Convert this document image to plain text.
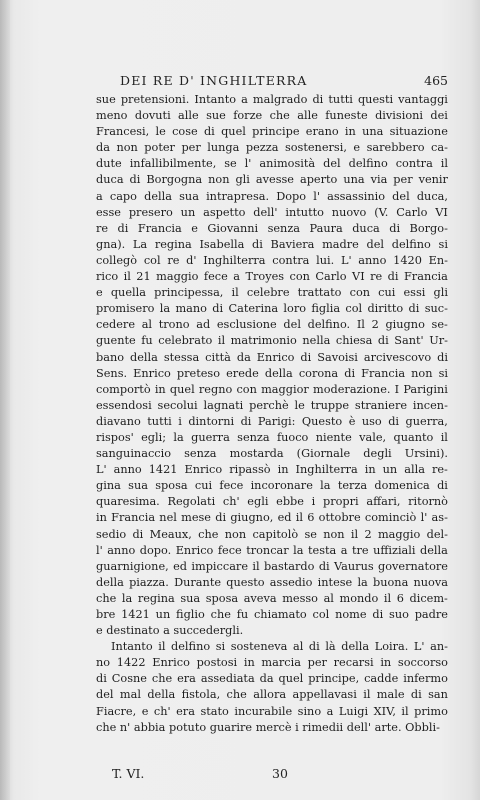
DEI RE D' INGHILTERRA	465
sue pretensioni. Intanto a malgrado di tutti questi vantaggi
meno dovuti alle sue forze che alle funeste divisioni dei
Francesi, le cose di quel principe erano in una situazione
da non poter per lunga pezza sostenersi, e sarebbero ca-
dute infallibilmente, se l' animosità del delfino contra il
duca di Borgogna non gli avesse aperto una via per venir
a capo della sua intrapresa. Dopo l' assassinio del duca,
esse presero un aspetto dell' intutto nuovo (V. Carlo VI
re di Francia e Giovanni senza Paura duca di Borgo-
gna). La regina Isabella di Baviera madre del delfino si
collegò col re d' Inghilterra contra lui. L' anno 1420 En-
rico il 21 maggio fece a Troyes con Carlo VI re di Francia
e quella principessa, il celebre trattato con cui essi gli
promisero la mano di Caterina loro figlia col diritto di suc-
cedere al trono ad esclusione del delfino. Il 2 giugno se-
guente fu celebrato il matrimonio nella chiesa di Sant' Ur-
bano della stessa città da Enrico di Savoisi arcivescovo di
Sens. Enrico preteso erede della corona di Francia non si
comportò in quel regno con maggior moderazione. I Parigini
essendosi secolui lagnati perchè le truppe straniere incen-
diavano tutti i dintorni di Parigi: Questo è uso di guerra,
rispos' egli; la guerra senza fuoco niente vale, quanto il
sanguinaccio senza mostarda (Giornale degli Ursini).
L' anno 1421 Enrico ripassò in Inghilterra in un alla re-
gina sua sposa cui fece incoronare la terza domenica di
quaresima. Regolati ch' egli ebbe i propri affari, ritornò
in Francia nel mese di giugno, ed il 6 ottobre cominciò l' as-
sedio di Meaux, che non capitolò se non il 2 maggio del-
l' anno dopo. Enrico fece troncar la testa a tre uffiziali della
guarnigione, ed impiccare il bastardo di Vaurus governatore
della piazza. Durante questo assedio intese la buona nuova
che la regina sua sposa aveva messo al mondo il 6 dicem-
bre 1421 un figlio che fu chiamato col nome di suo padre
e destinato a succedergli.
Intanto il delfino si sosteneva al di là della Loira. L' an-
no 1422 Enrico postosi in marcia per recarsi in soccorso
di Cosne che era assediata da quel principe, cadde infermo
del mal della fistola, che allora appellavasi il male di san
Fiacre, e ch' era stato incurabile sino a Luigi XIV, il primo
che n' abbia potuto guarire mercè i rimedii dell' arte. Obbli-
T. VI.	30
